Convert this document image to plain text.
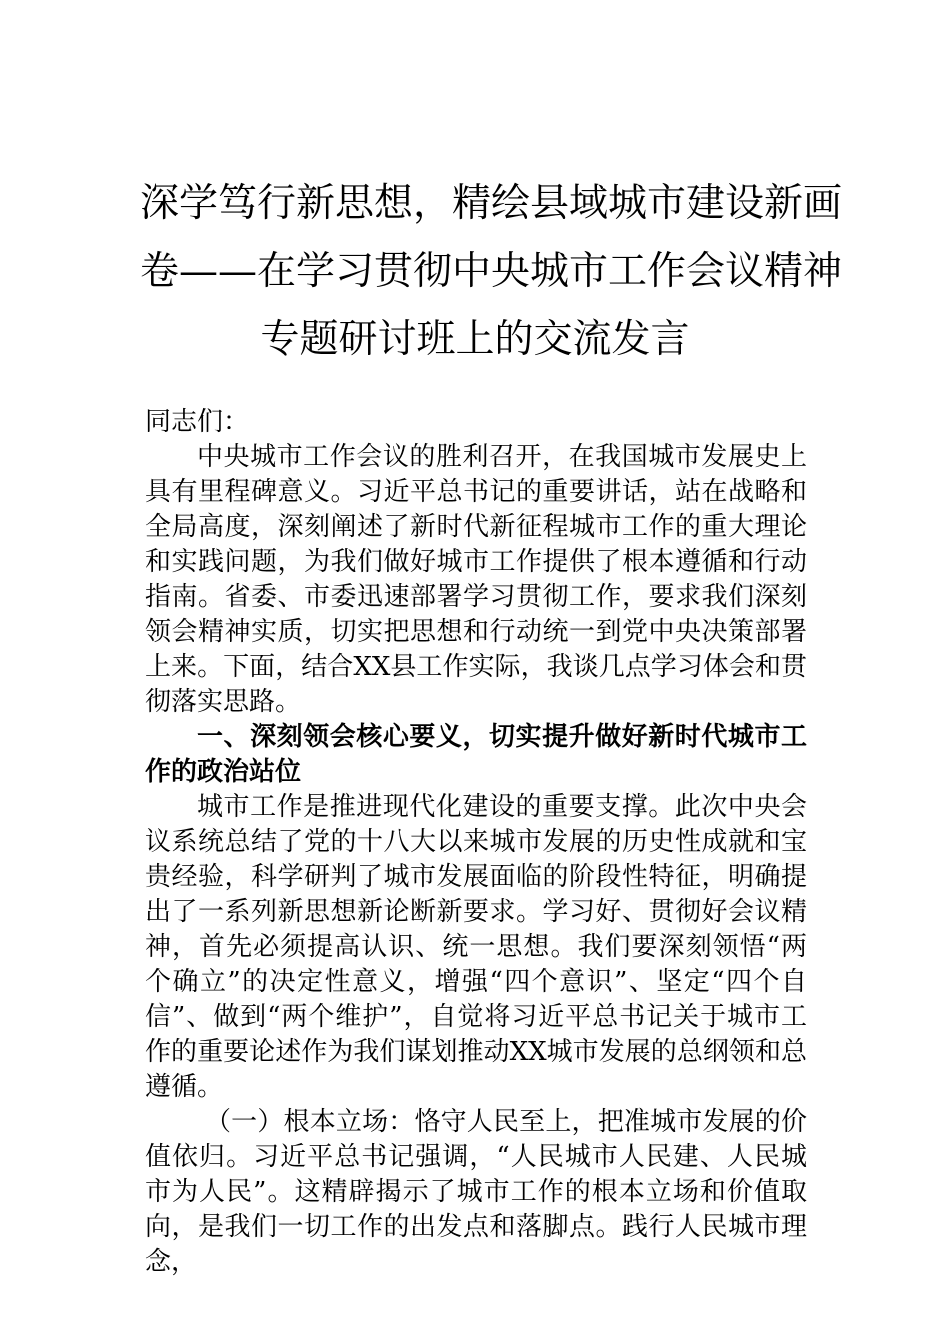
深学笃行新思想，精绘县域城市建设新画
卷——在学习贯彻中央城市工作会议精神
专题研讨班上的交流发言

同志们：

中央城市工作会议的胜利召开，在我国城市发展史上具有里程碑意义。习近平总书记的重要讲话，站在战略和全局高度，深刻阐述了新时代新征程城市工作的重大理论和实践问题，为我们做好城市工作提供了根本遵循和行动指南。省委、市委迅速部署学习贯彻工作，要求我们深刻领会精神实质，切实把思想和行动统一到党中央决策部署上来。下面，结合XX县工作实际，我谈几点学习体会和贯彻落实思路。

一、深刻领会核心要义，切实提升做好新时代城市工作的政治站位

城市工作是推进现代化建设的重要支撑。此次中央会议系统总结了党的十八大以来城市发展的历史性成就和宝贵经验，科学研判了城市发展面临的阶段性特征，明确提出了一系列新思想新论断新要求。学习好、贯彻好会议精神，首先必须提高认识、统一思想。我们要深刻领悟“两个确立”的决定性意义，增强“四个意识”、坚定“四个自信”、做到“两个维护”，自觉将习近平总书记关于城市工作的重要论述作为我们谋划推动XX城市发展的总纲领和总遵循。

（一）根本立场：恪守人民至上，把准城市发展的价值依归。习近平总书记强调，“人民城市人民建、人民城市为人民”。这精辟揭示了城市工作的根本立场和价值取向，是我们一切工作的出发点和落脚点。践行人民城市理念，
